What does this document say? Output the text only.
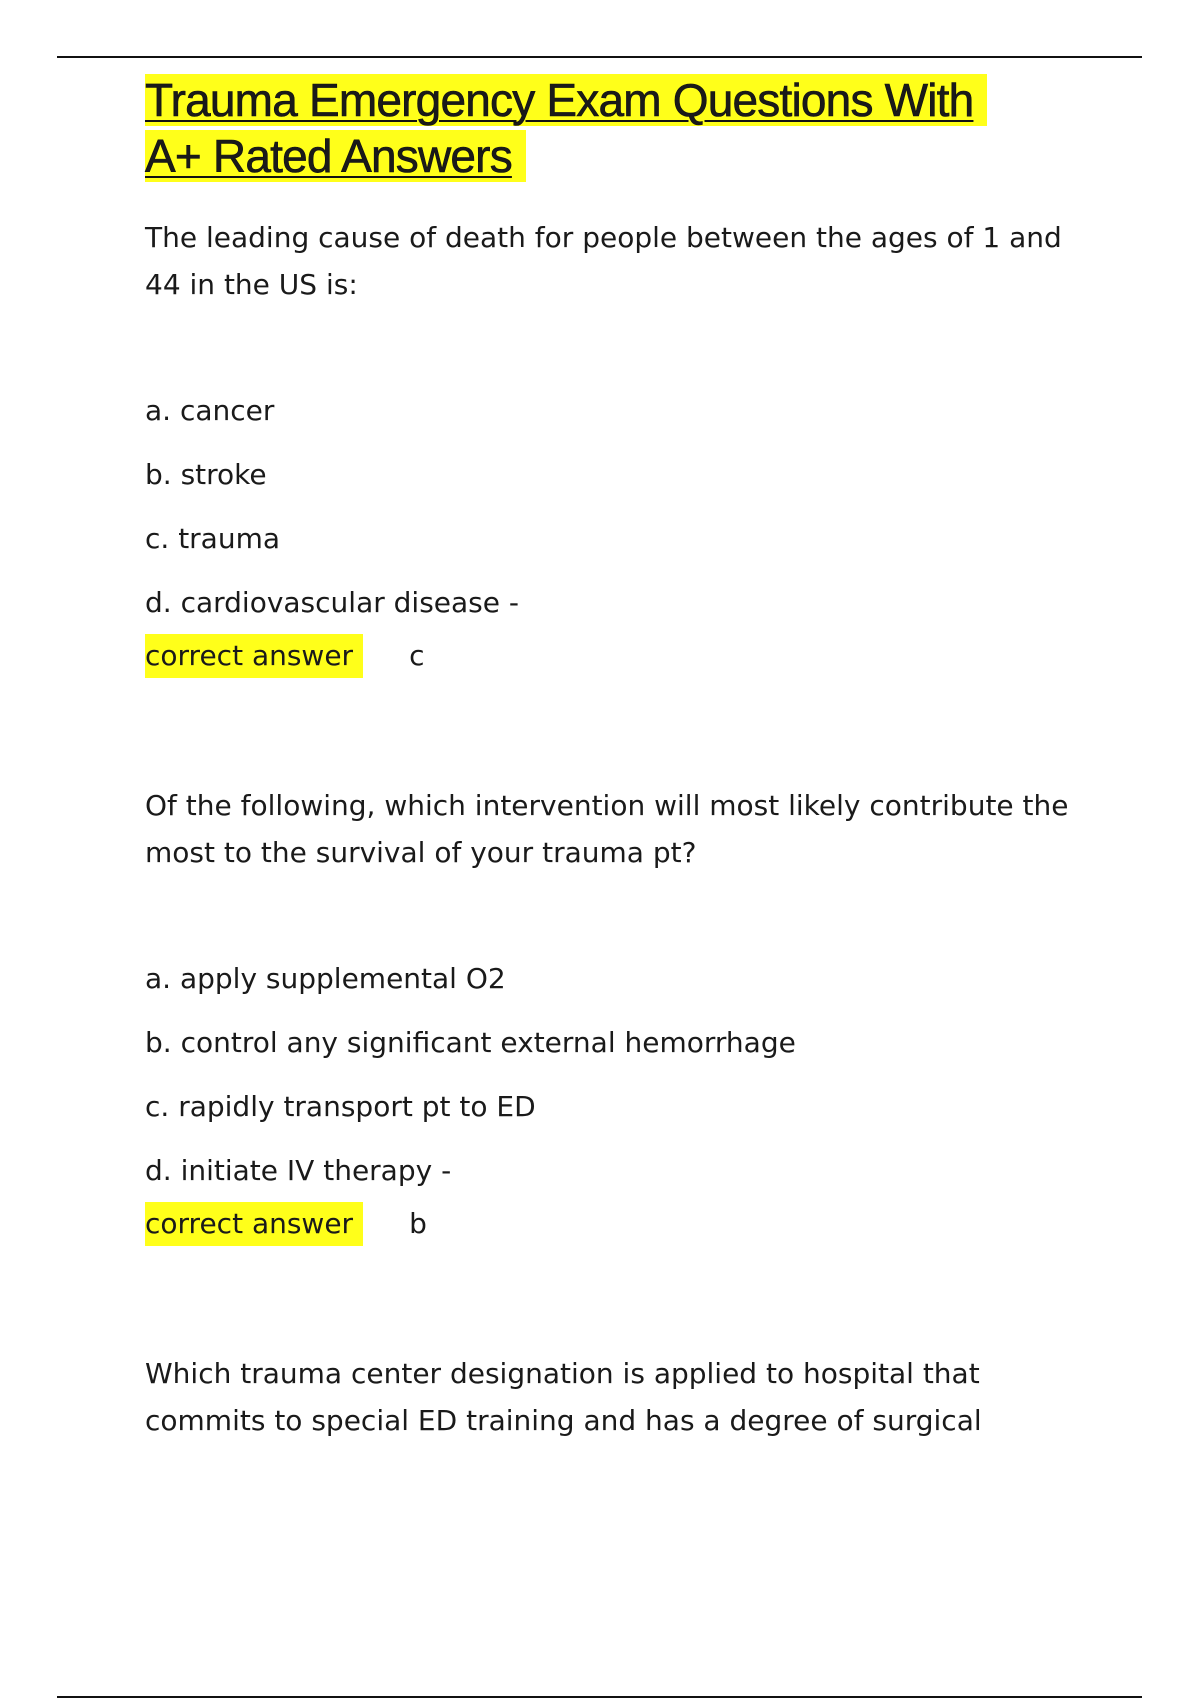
Trauma Emergency Exam Questions With
A+ Rated Answers

The leading cause of death for people between the ages of 1 and 44 in the US is:

a. cancer

b. stroke

c. trauma

d. cardiovascular disease -

correct answer	c

Of the following, which intervention will most likely contribute the most to the survival of your trauma pt?

a. apply supplemental O2

b. control any significant external hemorrhage

c. rapidly transport pt to ED

d. initiate IV therapy -

correct answer	b

Which trauma center designation is applied to hospital that commits to special ED training and has a degree of surgical
